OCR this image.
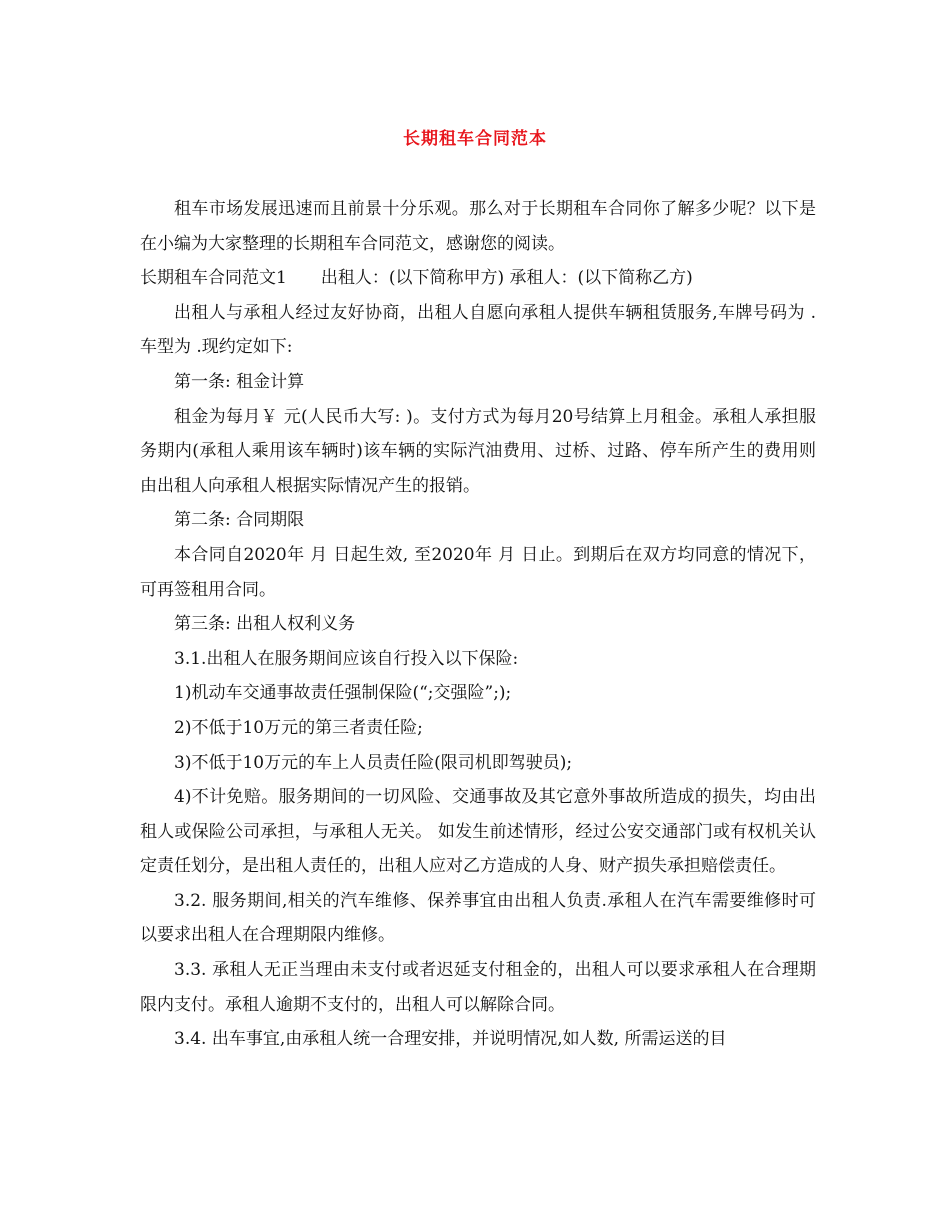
长期租车合同范本

租车市场发展迅速而且前景十分乐观。那么对于长期租车合同你了解多少呢？以下是在小编为大家整理的长期租车合同范文，感谢您的阅读。

长期租车合同范文1　　出租人：(以下简称甲方) 承租人：(以下简称乙方)

出租人与承租人经过友好协商，出租人自愿向承租人提供车辆租赁服务,车牌号码为 .车型为 .现约定如下:

第一条: 租金计算

租金为每月￥ 元(人民币大写: )。支付方式为每月20号结算上月租金。承租人承担服务期内(承租人乘用该车辆时)该车辆的实际汽油费用、过桥、过路、停车所产生的费用则由出租人向承租人根据实际情况产生的报销。

第二条: 合同期限

本合同自2020年 月 日起生效, 至2020年 月 日止。到期后在双方均同意的情况下，可再签租用合同。

第三条: 出租人权利义务

3.1.出租人在服务期间应该自行投入以下保险:

1)机动车交通事故责任强制保险(“;交强险”;);

2)不低于10万元的第三者责任险;

3)不低于10万元的车上人员责任险(限司机即驾驶员);

4)不计免赔。服务期间的一切风险、交通事故及其它意外事故所造成的损失，均由出租人或保险公司承担，与承租人无关。 如发生前述情形，经过公安交通部门或有权机关认定责任划分，是出租人责任的，出租人应对乙方造成的人身、财产损失承担赔偿责任。

3.2. 服务期间,相关的汽车维修、保养事宜由出租人负责.承租人在汽车需要维修时可以要求出租人在合理期限内维修。

3.3. 承租人无正当理由未支付或者迟延支付租金的，出租人可以要求承租人在合理期限内支付。承租人逾期不支付的，出租人可以解除合同。

3.4. 出车事宜,由承租人统一合理安排，并说明情况,如人数, 所需运送的目
